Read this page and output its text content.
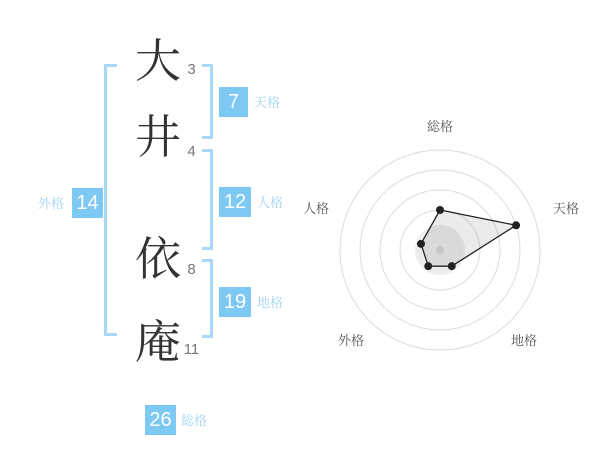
大
井
依
庵
3
4
8
11
7	天格
12 人格
19 地格
外格 14
26 総格
総格
天格
地格
外格
人格
